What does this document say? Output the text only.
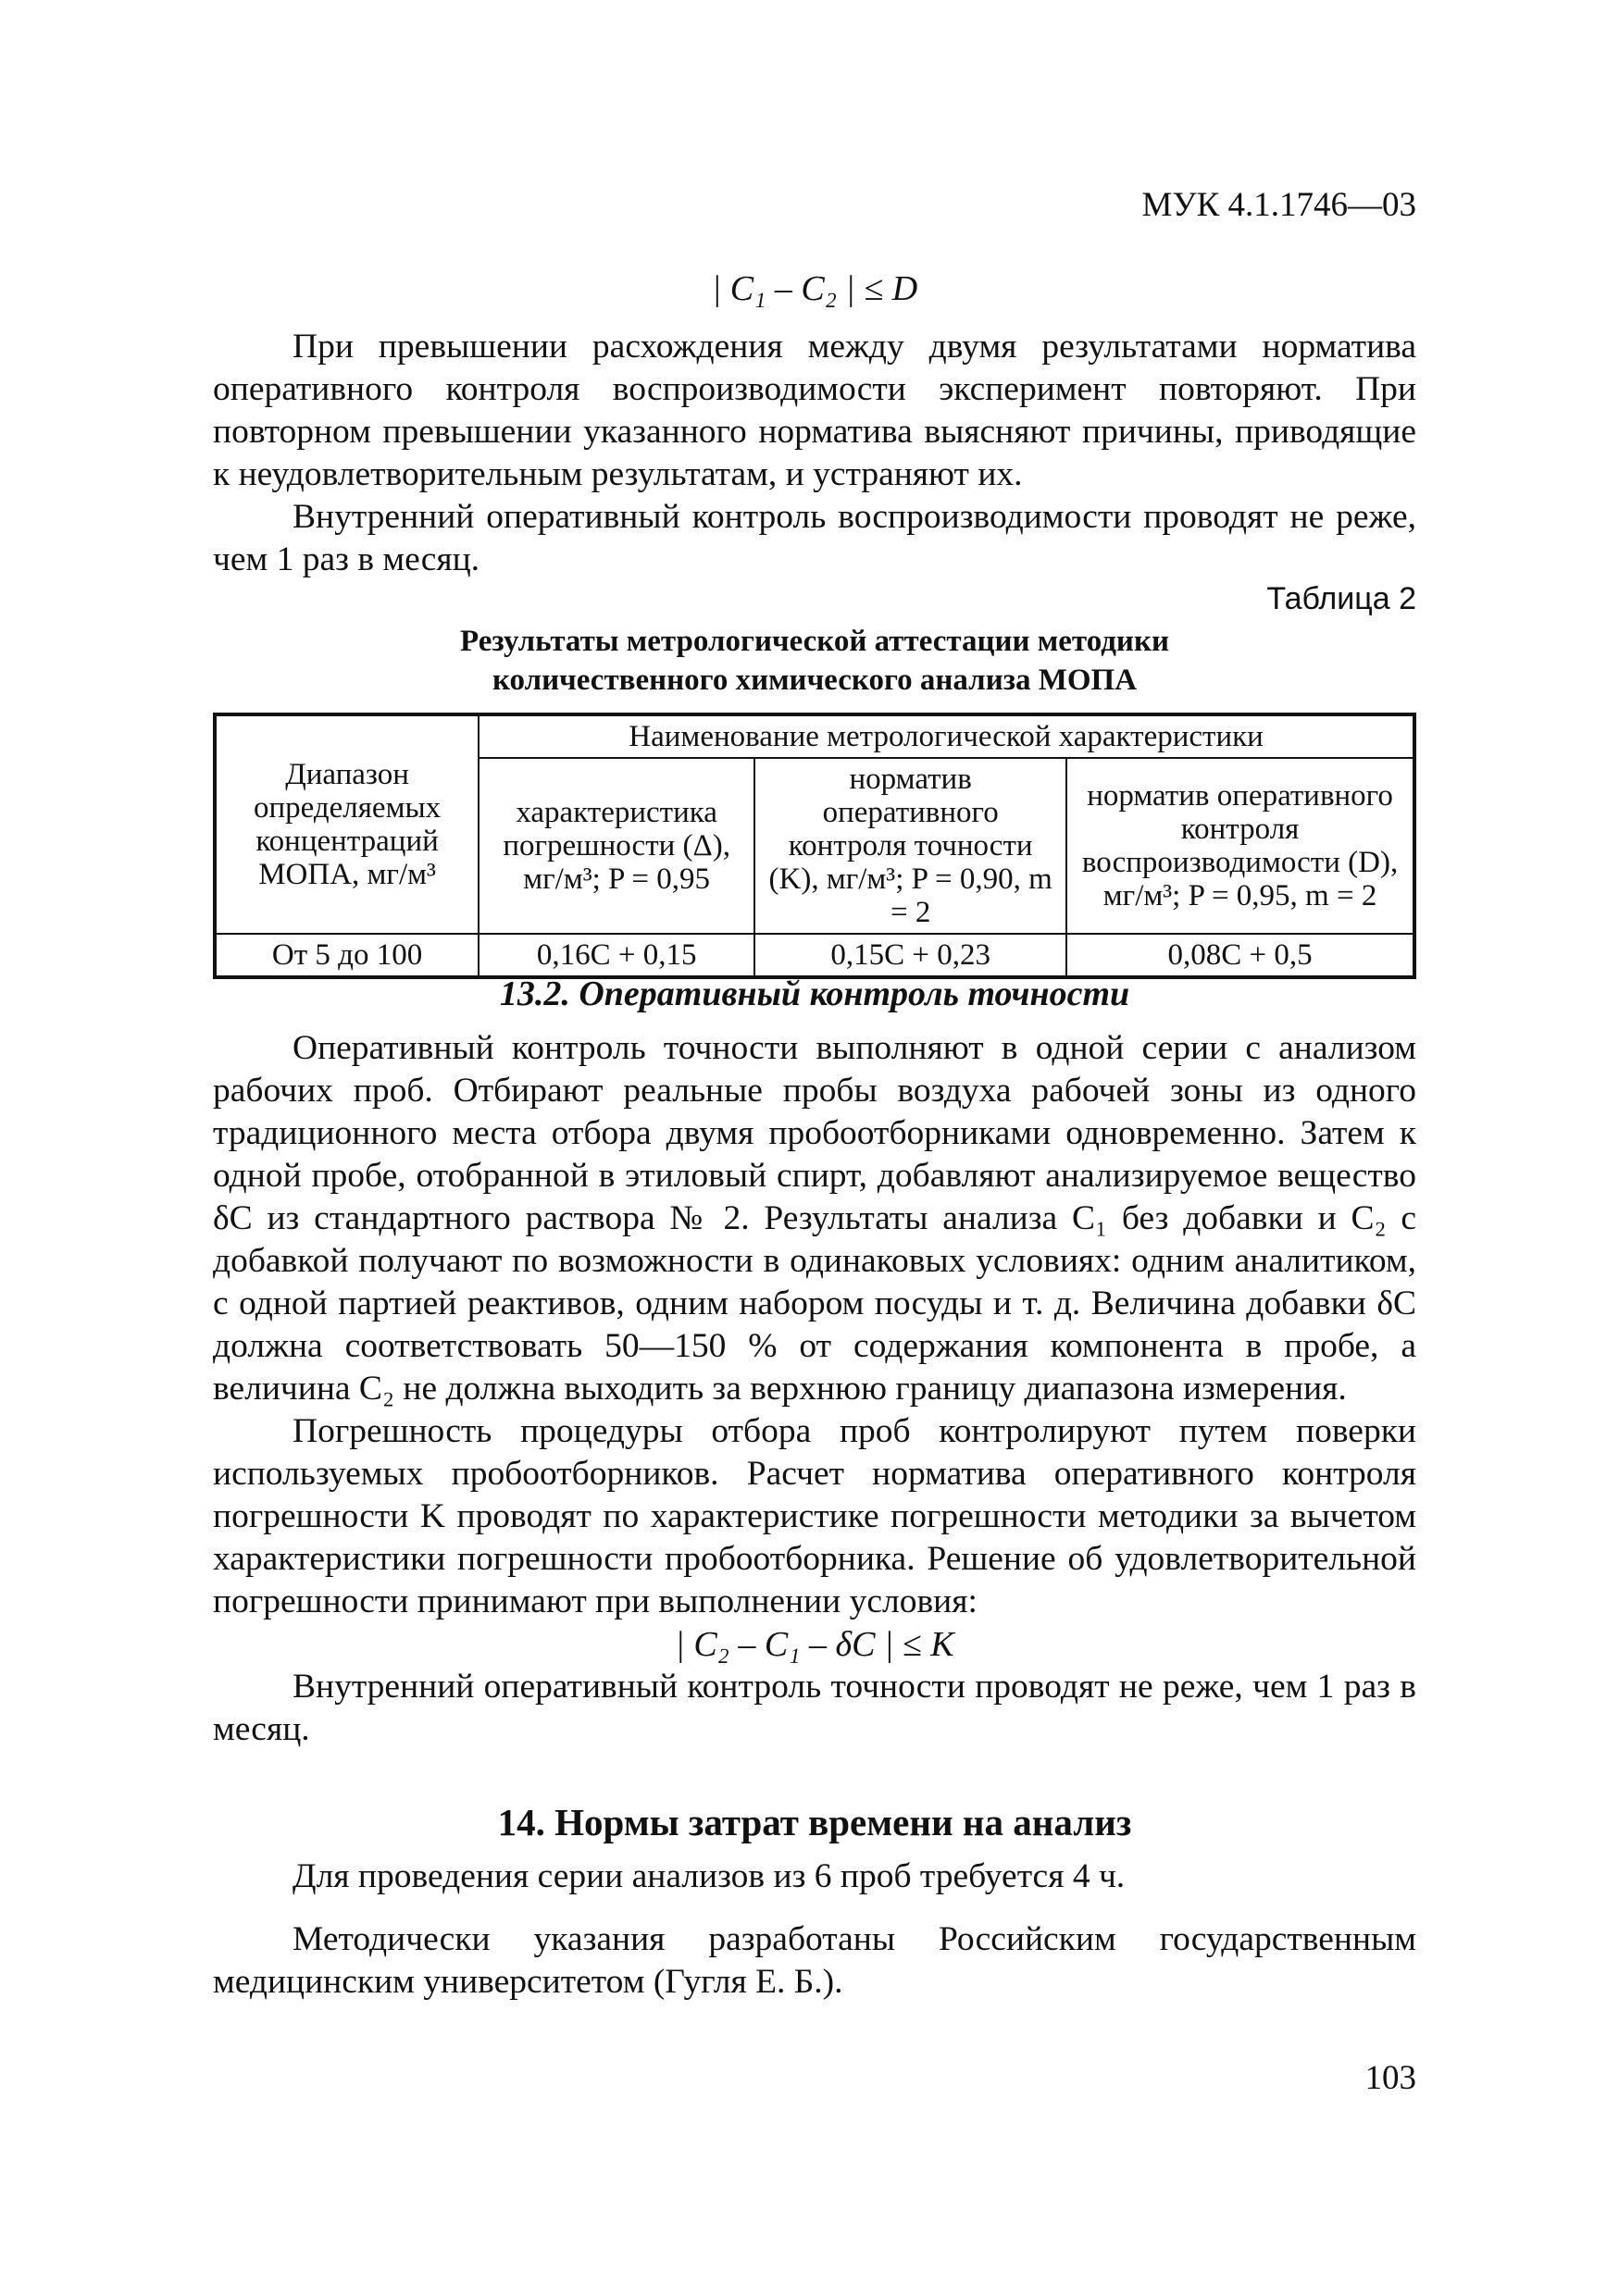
МУК 4.1.1746—03
| C₁ – C₂ | ≤ D

При превышении расхождения между двумя результатами норматива оперативного контроля воспроизводимости эксперимент повторяют. При повторном превышении указанного норматива выясняют причины, приводящие к неудовлетворительным результатам, и устраняют их.

Внутренний оперативный контроль воспроизводимости проводят не реже, чем 1 раз в месяц.

Таблица 2
Результаты метрологической аттестации методики
количественного химического анализа МОПА
Диапазон определяемых концентраций МОПА, мг/м³	Наименование метрологической характеристики		
	характеристика погрешности (Δ), мг/м³; P = 0,95	норматив оперативного контроля точности (K), мг/м³; P = 0,90, m = 2	норматив оперативного контроля воспроизводимости (D), мг/м³; P = 0,95, m = 2
От 5 до 100	0,16C + 0,15	0,15C + 0,23	0,08C + 0,5
13.2. Оперативный контроль точности

Оперативный контроль точности выполняют в одной серии с анализом рабочих проб. Отбирают реальные пробы воздуха рабочей зоны из одного традиционного места отбора двумя пробоотборниками одновременно. Затем к одной пробе, отобранной в этиловый спирт, добавляют анализируемое вещество δC из стандартного раствора № 2. Результаты анализа C₁ без добавки и C₂ с добавкой получают по возможности в одинаковых условиях: одним аналитиком, с одной партией реактивов, одним набором посуды и т. д. Величина добавки δC должна соответствовать 50—150 % от содержания компонента в пробе, а величина C₂ не должна выходить за верхнюю границу диапазона измерения.

Погрешность процедуры отбора проб контролируют путем поверки используемых пробоотборников. Расчет норматива оперативного контроля погрешности K проводят по характеристике погрешности методики за вычетом характеристики погрешности пробоотборника. Решение об удовлетворительной погрешности принимают при выполнении условия:

| C₂ – C₁ – δC | ≤ K

Внутренний оперативный контроль точности проводят не реже, чем 1 раз в месяц.

14. Нормы затрат времени на анализ

Для проведения серии анализов из 6 проб требуется 4 ч.

Методически указания разработаны Российским государственным медицинским университетом (Гугля Е. Б.).

103
